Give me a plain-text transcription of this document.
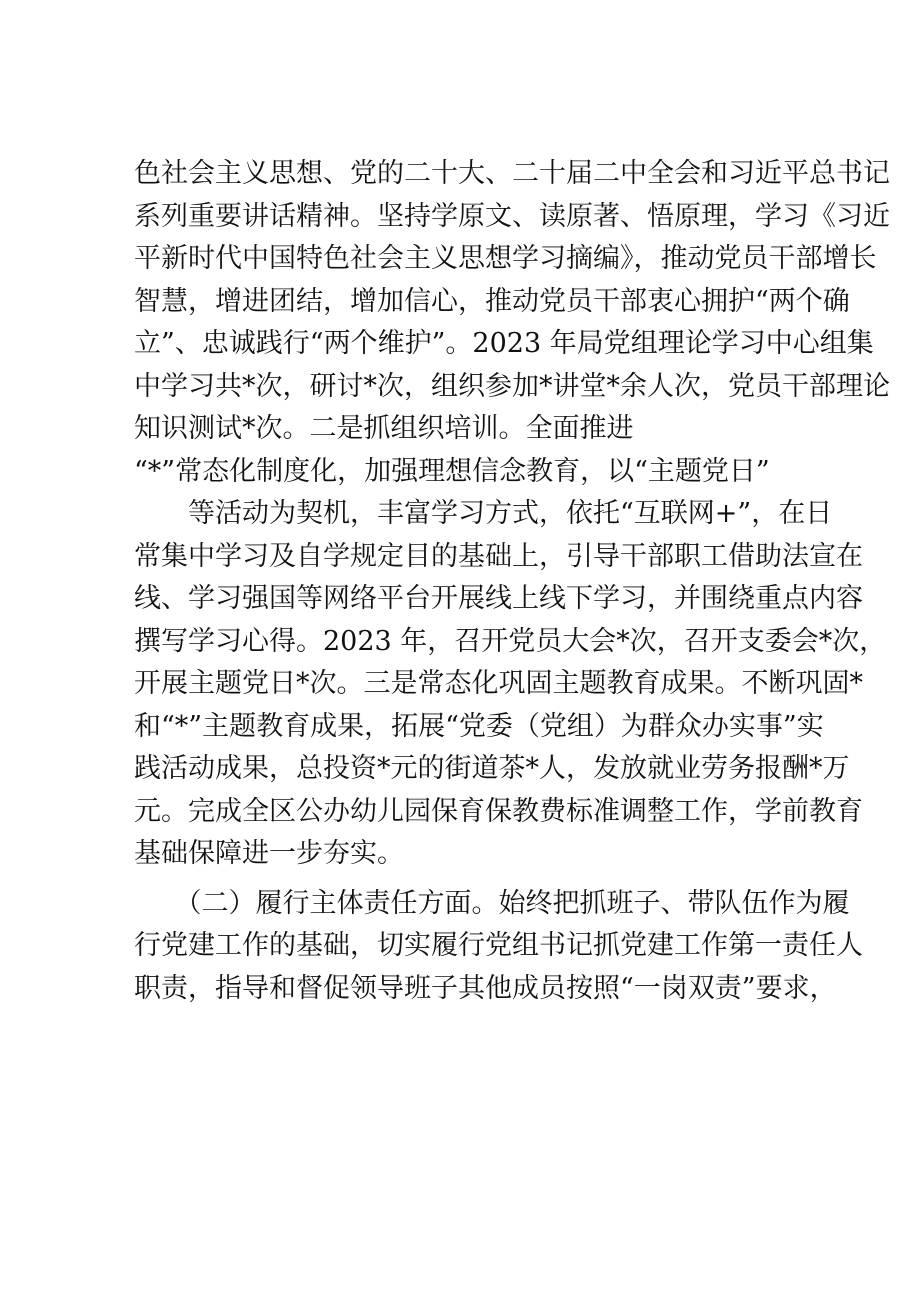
色社会主义思想、党的二十大、二十届二中全会和习近平总书记
系列重要讲话精神。坚持学原文、读原著、悟原理，学习《习近
平新时代中国特色社会主义思想学习摘编》，推动党员干部增长
智慧，增进团结，增加信心，推动党员干部衷心拥护“两个确
立”、忠诚践行“两个维护”。2023 年局党组理论学习中心组集
中学习共*次，研讨*次，组织参加*讲堂*余人次，党员干部理论
知识测试*次。二是抓组织培训。全面推进
“*”常态化制度化，加强理想信念教育，以“主题党日”
　　等活动为契机，丰富学习方式，依托“互联网+”，在日
常集中学习及自学规定目的基础上，引导干部职工借助法宣在
线、学习强国等网络平台开展线上线下学习，并围绕重点内容
撰写学习心得。2023 年，召开党员大会*次，召开支委会*次，
开展主题党日*次。三是常态化巩固主题教育成果。不断巩固*
和“*”主题教育成果，拓展“党委（党组）为群众办实事”实
践活动成果，总投资*元的街道茶*人，发放就业劳务报酬*万
元。完成全区公办幼儿园保育保教费标准调整工作，学前教育
基础保障进一步夯实。
　　（二）履行主体责任方面。始终把抓班子、带队伍作为履
行党建工作的基础，切实履行党组书记抓党建工作第一责任人
职责，指导和督促领导班子其他成员按照“一岗双责”要求，
